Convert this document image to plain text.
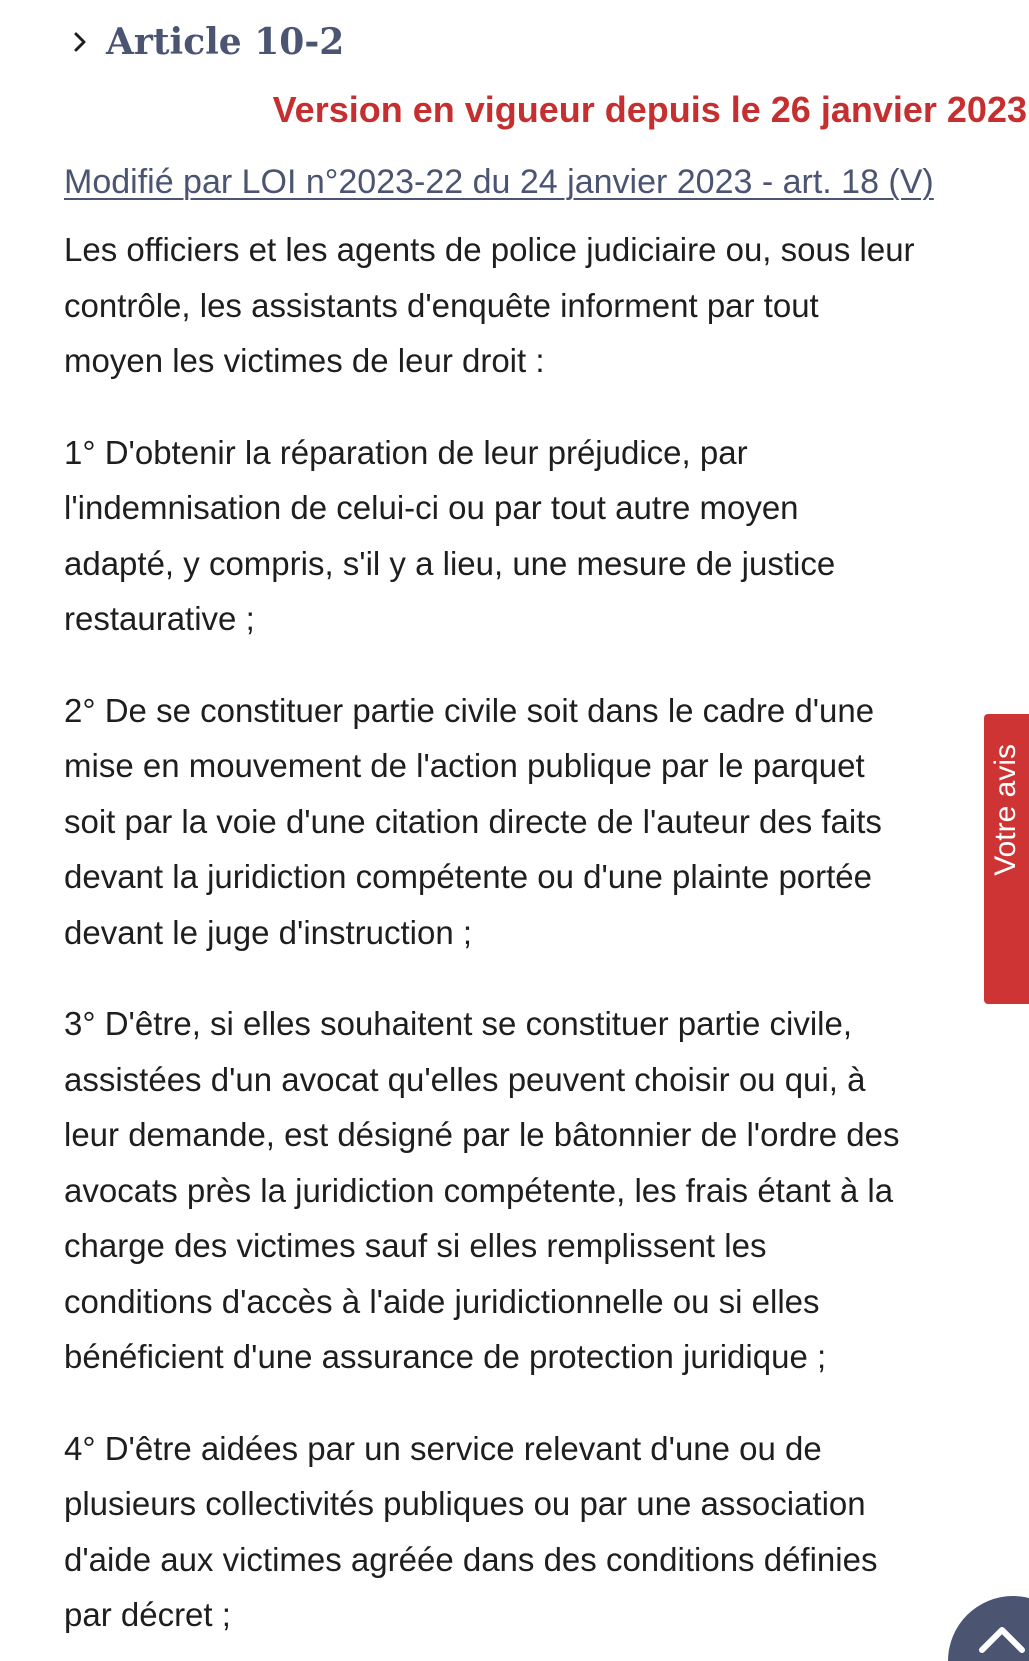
Article 10-2
Version en vigueur depuis le 26 janvier 2023
Modifié par LOI n°2023-22 du 24 janvier 2023 - art. 18 (V)

Les officiers et les agents de police judiciaire ou, sous leur
contrôle, les assistants d'enquête informent par tout
moyen les victimes de leur droit :

1° D'obtenir la réparation de leur préjudice, par
l'indemnisation de celui-ci ou par tout autre moyen
adapté, y compris, s'il y a lieu, une mesure de justice
restaurative ;

2° De se constituer partie civile soit dans le cadre d'une
mise en mouvement de l'action publique par le parquet
soit par la voie d'une citation directe de l'auteur des faits
devant la juridiction compétente ou d'une plainte portée
devant le juge d'instruction ;

3° D'être, si elles souhaitent se constituer partie civile,
assistées d'un avocat qu'elles peuvent choisir ou qui, à
leur demande, est désigné par le bâtonnier de l'ordre des
avocats près la juridiction compétente, les frais étant à la
charge des victimes sauf si elles remplissent les
conditions d'accès à l'aide juridictionnelle ou si elles
bénéficient d'une assurance de protection juridique ;

4° D'être aidées par un service relevant d'une ou de
plusieurs collectivités publiques ou par une association
d'aide aux victimes agréée dans des conditions définies
par décret ;

Votre avis
